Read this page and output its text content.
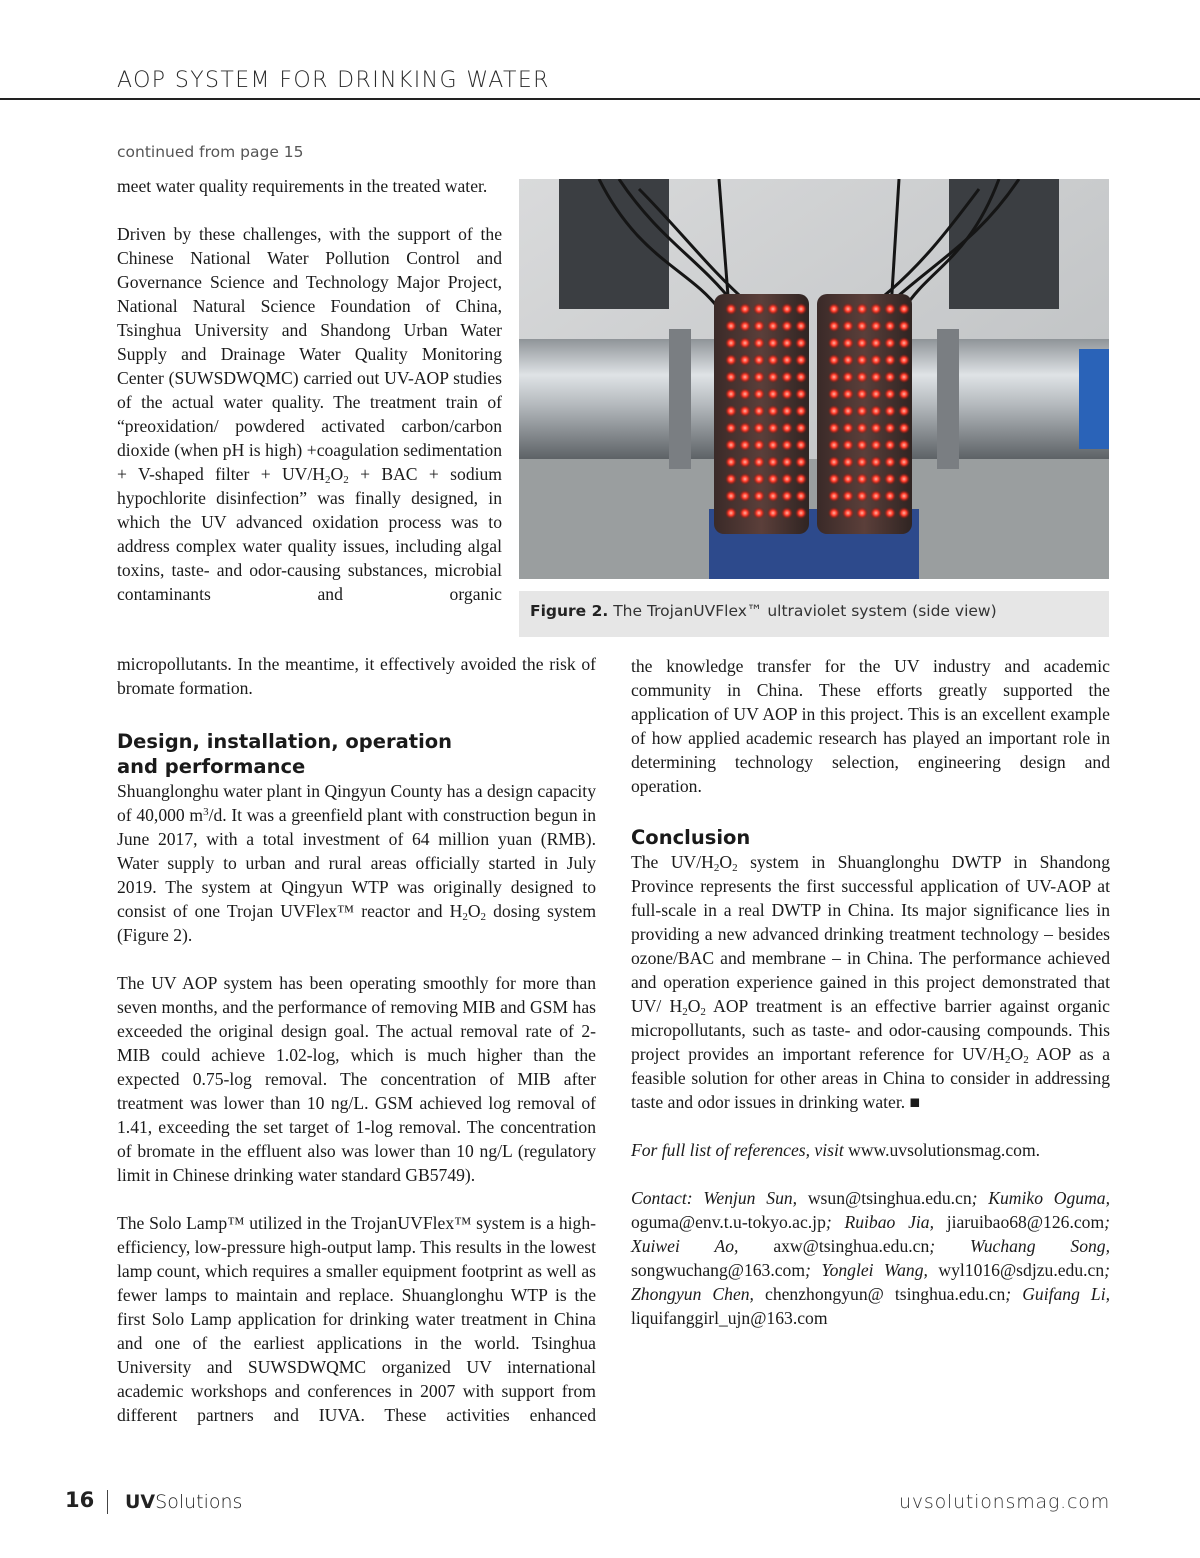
AOP SYSTEM FOR DRINKING WATER
continued from page 15

meet water quality requirements in the treated water.

Driven by these challenges, with the support of the Chinese National Water Pollution Control and Governance Science and Technology Major Project, National Natural Science Foundation of China, Tsinghua University and Shandong Urban Water Supply and Drainage Water Quality Monitoring Center (SUWSDWQMC) carried out UV-AOP studies of the actual water quality. The treatment train of “preoxidation/ powdered activated carbon/carbon dioxide (when pH is high) +coagulation sedimentation + V-shaped filter + $UV/H_2O_2$ + BAC + sodium hypochlorite disinfection” was finally designed, in which the UV advanced oxidation process was to address complex water quality issues, including algal toxins, taste- and odor-causing substances, microbial contaminants and organic

Figure 2. The TrojanUVFlex™ ultraviolet system (side view)

micropollutants. In the meantime, it effectively avoided the risk of bromate formation.

Design, installation, operation and performance

Shuanglonghu water plant in Qingyun County has a design capacity of 40,000 $m^3/d$. It was a greenfield plant with construction begun in June 2017, with a total investment of 64 million yuan (RMB). Water supply to urban and rural areas officially started in July 2019. The system at Qingyun WTP was originally designed to consist of one Trojan UVFlex™ reactor and $H_2O_2$ dosing system (Figure 2).

The UV AOP system has been operating smoothly for more than seven months, and the performance of removing MIB and GSM has exceeded the original design goal. The actual removal rate of 2-MIB could achieve 1.02-log, which is much higher than the expected 0.75-log removal. The concentration of MIB after treatment was lower than 10 ng/L. GSM achieved log removal of 1.41, exceeding the set target of 1-log removal. The concentration of bromate in the effluent also was lower than 10 ng/L (regulatory limit in Chinese drinking water standard GB5749).

The Solo Lamp™ utilized in the TrojanUVFlex™ system is a high-efficiency, low-pressure high-output lamp. This results in the lowest lamp count, which requires a smaller equipment footprint as well as fewer lamps to maintain and replace. Shuanglonghu WTP is the first Solo Lamp application for drinking water treatment in China and one of the earliest applications in the world. Tsinghua University and SUWSDWQMC organized UV international academic workshops and conferences in 2007 with support from different partners and IUVA. These activities enhanced

the knowledge transfer for the UV industry and academic community in China. These efforts greatly supported the application of UV AOP in this project. This is an excellent example of how applied academic research has played an important role in determining technology selection, engineering design and operation.

Conclusion

The $UV/H_2O_2$ system in Shuanglonghu DWTP in Shandong Province represents the first successful application of UV-AOP at full-scale in a real DWTP in China. Its major significance lies in providing a new advanced drinking treatment technology – besides ozone/BAC and membrane – in China. The performance achieved and operation experience gained in this project demonstrated that UV/ $H_2O_2$ AOP treatment is an effective barrier against organic micropollutants, such as taste- and odor-causing compounds. This project provides an important reference for $UV/H_2O_2$ AOP as a feasible solution for other areas in China to consider in addressing taste and odor issues in drinking water. ■

For full list of references, visit www.uvsolutionsmag.com.

Contact: Wenjun Sun, wsun@tsinghua.edu.cn; Kumiko Oguma, oguma@env.t.u-tokyo.ac.jp; Ruibao Jia, jiaruibao68@126.com; Xuiwei Ao, axw@tsinghua.edu.cn; Wuchang Song, songwuchang@163.com; Yonglei Wang, wyl1016@sdjzu.edu.cn; Zhongyun Chen, chenzhongyun@ tsinghua.edu.cn; Guifang Li, liquifanggirl_ujn@163.com

16 UVSolutions	uvsolutionsmag.com
